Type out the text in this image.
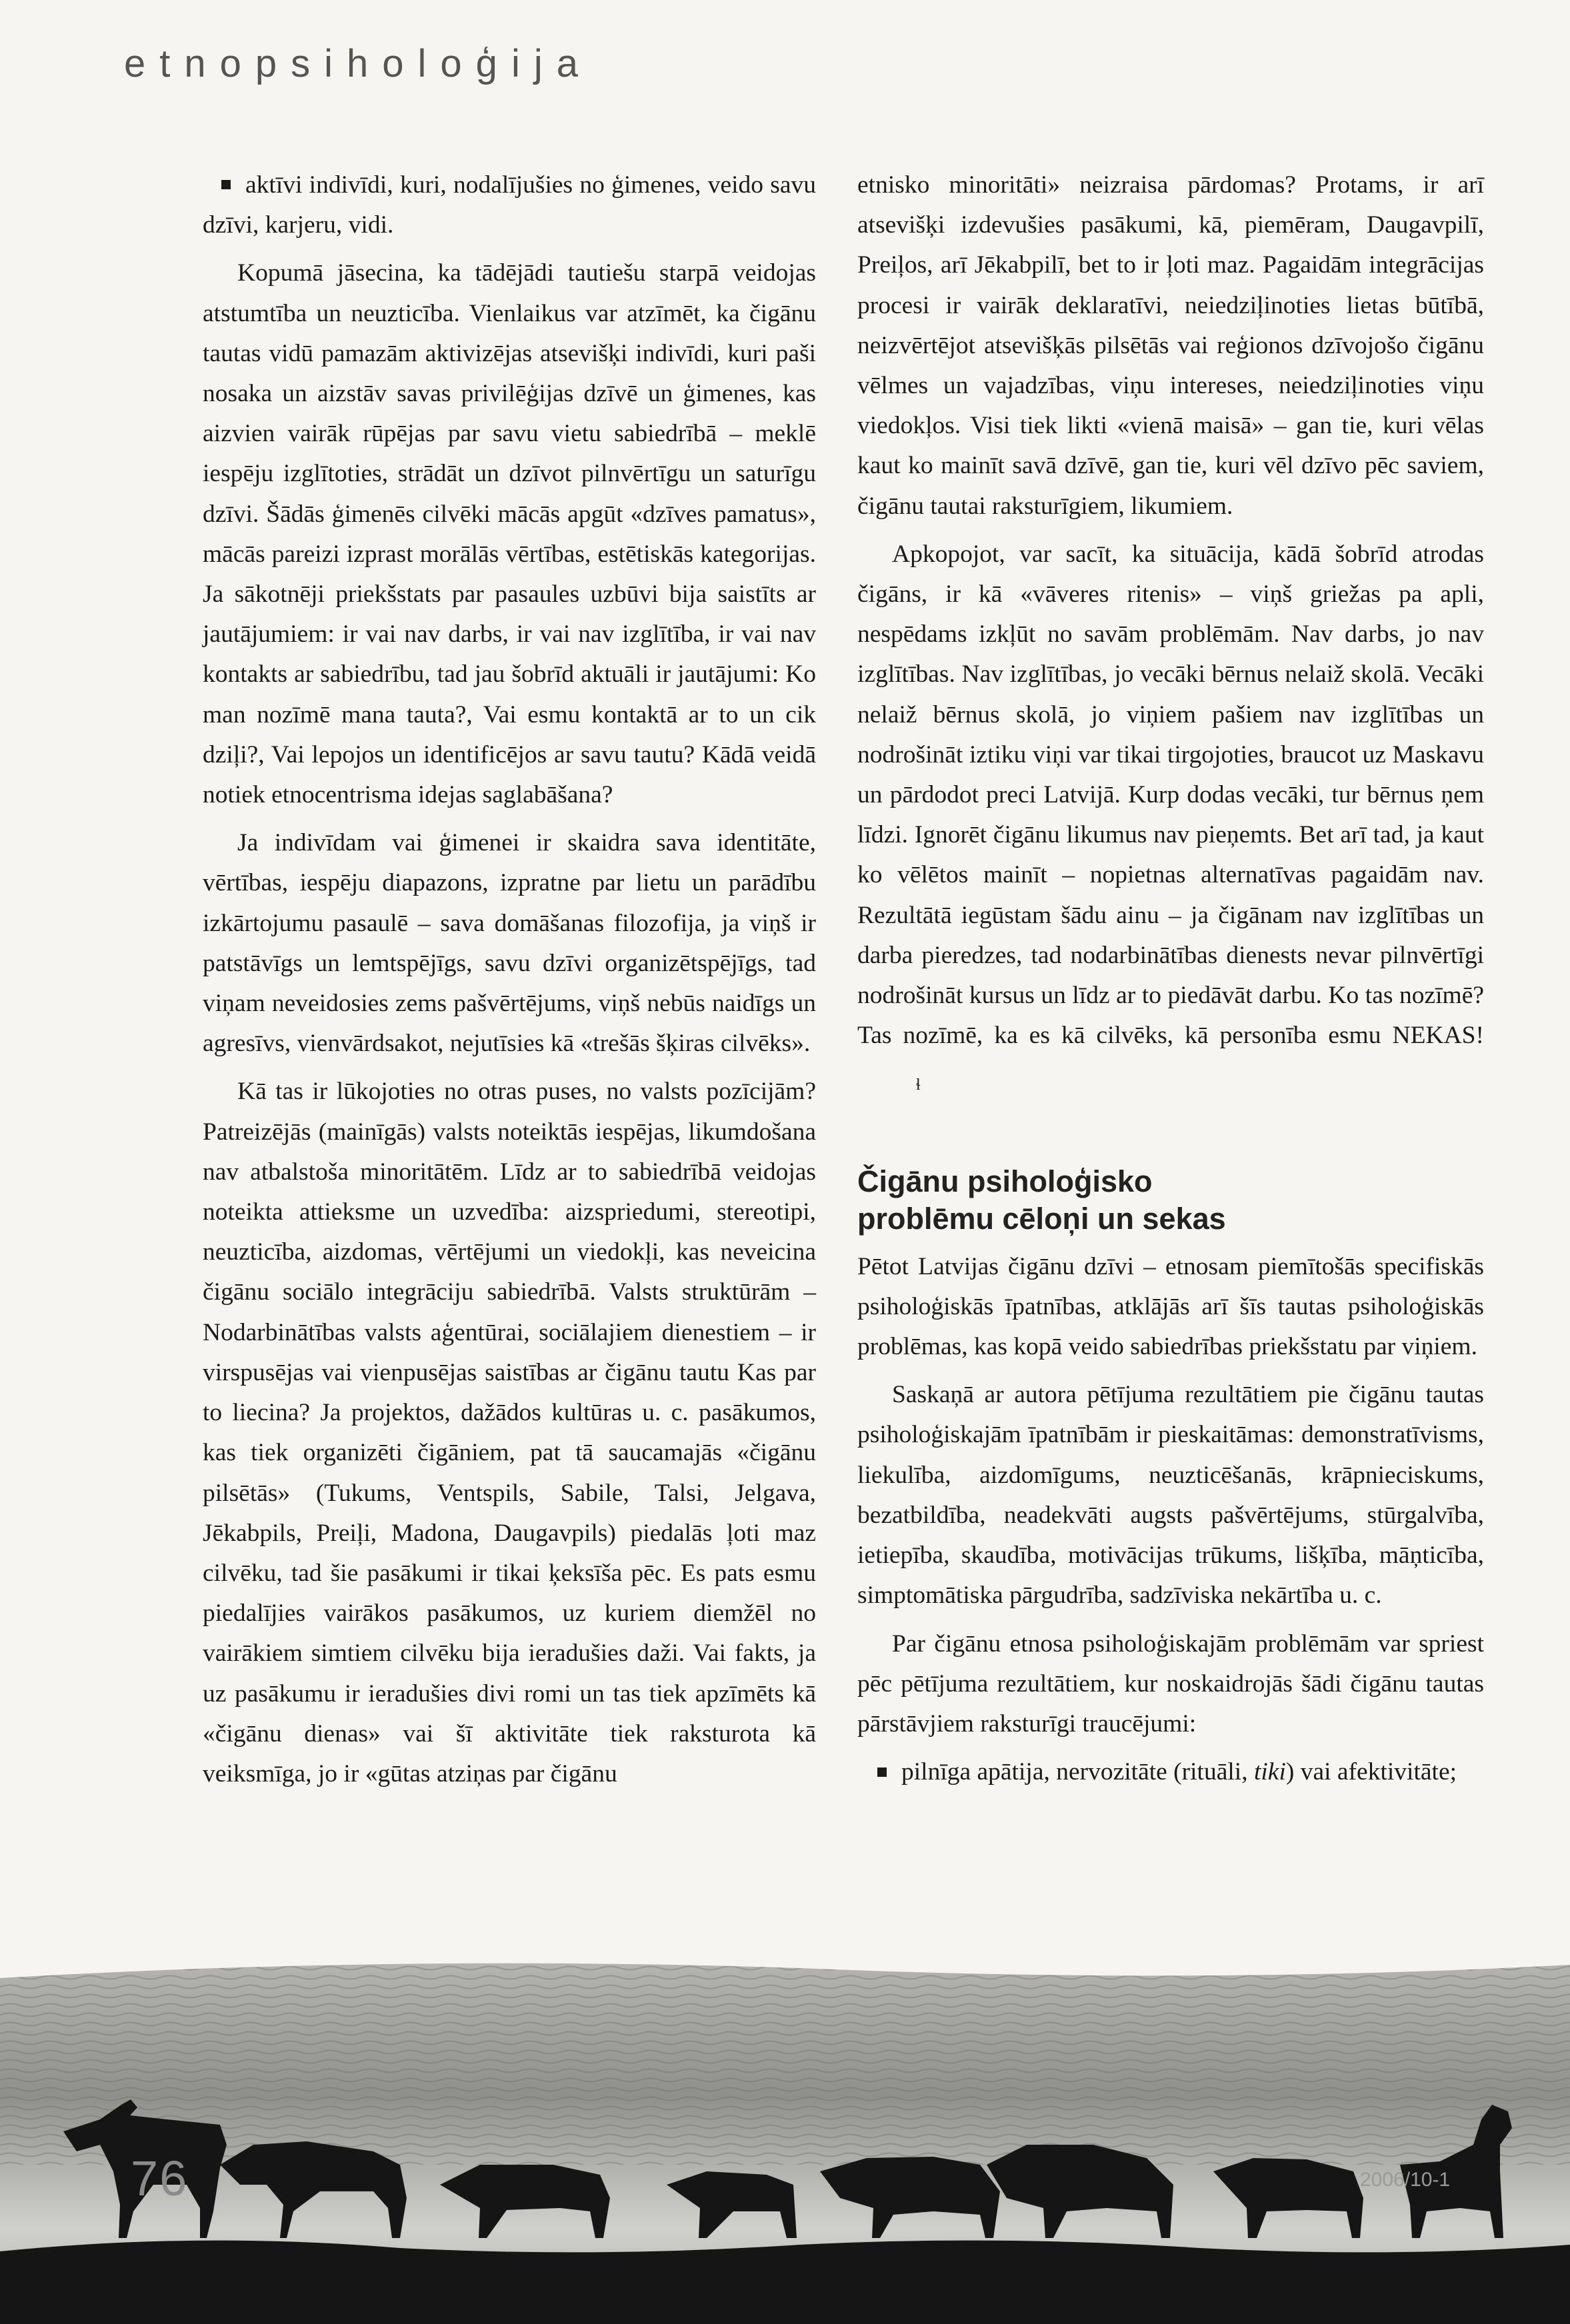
etnopsiholoģija

aktīvi indivīdi, kuri, nodalījušies no ģimenes, veido savu dzīvi, karjeru, vidi.

Kopumā jāsecina, ka tādējādi tautiešu starpā veidojas atstumtība un neuzticība. Vienlaikus var atzīmēt, ka čigānu tautas vidū pamazām aktivizējas atsevišķi indivīdi, kuri paši nosaka un aizstāv savas privilēģijas dzīvē un ģimenes, kas aizvien vairāk rūpējas par savu vietu sabiedrībā – meklē iespēju izglītoties, strādāt un dzīvot pilnvērtīgu un saturīgu dzīvi. Šādās ģimenēs cilvēki mācās apgūt «dzīves pamatus», mācās pareizi izprast morālās vērtības, estētiskās kategorijas. Ja sākotnēji priekšstats par pasaules uzbūvi bija saistīts ar jautājumiem: ir vai nav darbs, ir vai nav izglītība, ir vai nav kontakts ar sabiedrību, tad jau šobrīd aktuāli ir jautājumi: Ko man nozīmē mana tauta?, Vai esmu kontaktā ar to un cik dziļi?, Vai lepojos un identificējos ar savu tautu? Kādā veidā notiek etnocentrisma idejas saglabāšana?

Ja indivīdam vai ģimenei ir skaidra sava identitāte, vērtības, iespēju diapazons, izpratne par lietu un parādību izkārtojumu pasaulē – sava domāšanas filozofija, ja viņš ir patstāvīgs un lemtspējīgs, savu dzīvi organizētspējīgs, tad viņam neveidosies zems pašvērtējums, viņš nebūs naidīgs un agresīvs, vienvārdsakot, nejutīsies kā «trešās šķiras cilvēks».

Kā tas ir lūkojoties no otras puses, no valsts pozīcijām? Patreizējās (mainīgās) valsts noteiktās iespējas, likumdošana nav atbalstoša minoritātēm. Līdz ar to sabiedrībā veidojas noteikta attieksme un uzvedība: aizspriedumi, stereotipi, neuzticība, aizdomas, vērtējumi un viedokļi, kas neveicina čigānu sociālo integrāciju sabiedrībā. Valsts struktūrām – Nodarbinātības valsts aģentūrai, sociālajiem dienestiem – ir virspusējas vai vienpusējas saistības ar čigānu tautu Kas par to liecina? Ja projektos, dažādos kultūras u. c. pasākumos, kas tiek organizēti čigāniem, pat tā saucamajās «čigānu pilsētās» (Tukums, Ventspils, Sabile, Talsi, Jelgava, Jēkabpils, Preiļi, Madona, Daugavpils) piedalās ļoti maz cilvēku, tad šie pasākumi ir tikai ķeksīša pēc. Es pats esmu piedalījies vairākos pasākumos, uz kuriem diemžēl no vairākiem simtiem cilvēku bija ieradušies daži. Vai fakts, ja uz pasākumu ir ieradušies divi romi un tas tiek apzīmēts kā «čigānu dienas» vai šī aktivitāte tiek raksturota kā veiksmīga, jo ir «gūtas atziņas par čigānu

etnisko minoritāti» neizraisa pārdomas? Protams, ir arī atsevišķi izdevušies pasākumi, kā, piemēram, Daugavpilī, Preiļos, arī Jēkabpilī, bet to ir ļoti maz. Pagaidām integrācijas procesi ir vairāk deklaratīvi, neiedziļinoties lietas būtībā, neizvērtējot atsevišķās pilsētās vai reģionos dzīvojošo čigānu vēlmes un vajadzības, viņu intereses, neiedziļinoties viņu viedokļos. Visi tiek likti «vienā maisā» – gan tie, kuri vēlas kaut ko mainīt savā dzīvē, gan tie, kuri vēl dzīvo pēc saviem, čigānu tautai raksturīgiem, likumiem.

Apkopojot, var sacīt, ka situācija, kādā šobrīd atrodas čigāns, ir kā «vāveres ritenis» – viņš griežas pa apli, nespēdams izkļūt no savām problēmām. Nav darbs, jo nav izglītības. Nav izglītības, jo vecāki bērnus nelaiž skolā. Vecāki nelaiž bērnus skolā, jo viņiem pašiem nav izglītības un nodrošināt iztiku viņi var tikai tirgojoties, braucot uz Maskavu un pārdodot preci Latvijā. Kurp dodas vecāki, tur bērnus ņem līdzi. Ignorēt čigānu likumus nav pieņemts. Bet arī tad, ja kaut ko vēlētos mainīt – nopietnas alternatīvas pagaidām nav. Rezultātā iegūstam šādu ainu – ja čigānam nav izglītības un darba pieredzes, tad nodarbinātības dienests nevar pilnvērtīgi nodrošināt kursus un līdz ar to piedāvāt darbu. Ko tas nozīmē? Tas nozīmē, ka es kā cilvēks, kā personība esmu NEKAS!ɬ

Čigānu psiholoģisko
problēmu cēloņi un sekas

Pētot Latvijas čigānu dzīvi – etnosam piemītošās specifiskās psiholoģiskās īpatnības, atklājās arī šīs tautas psiholoģiskās problēmas, kas kopā veido sabiedrības priekšstatu par viņiem.

Saskaņā ar autora pētījuma rezultātiem pie čigānu tautas psiholoģiskajām īpatnībām ir pieskaitāmas: demonstratīvisms, liekulība, aizdomīgums, neuzticēšanās, krāpnieciskums, bezatbildība, neadekvāti augsts pašvērtējums, stūrgalvība, ietiepība, skaudība, motivācijas trūkums, lišķība, māņticība, simptomātiska pārgudrība, sadzīviska nekārtība u. c.

Par čigānu etnosa psiholoģiskajām problēmām var spriest pēc pētījuma rezultātiem, kur noskaidrojās šādi čigānu tautas pārstāvjiem raksturīgi traucējumi:

pilnīga apātija, nervozitāte (rituāli, tiki) vai afektivitāte;

76	2006/10-1
